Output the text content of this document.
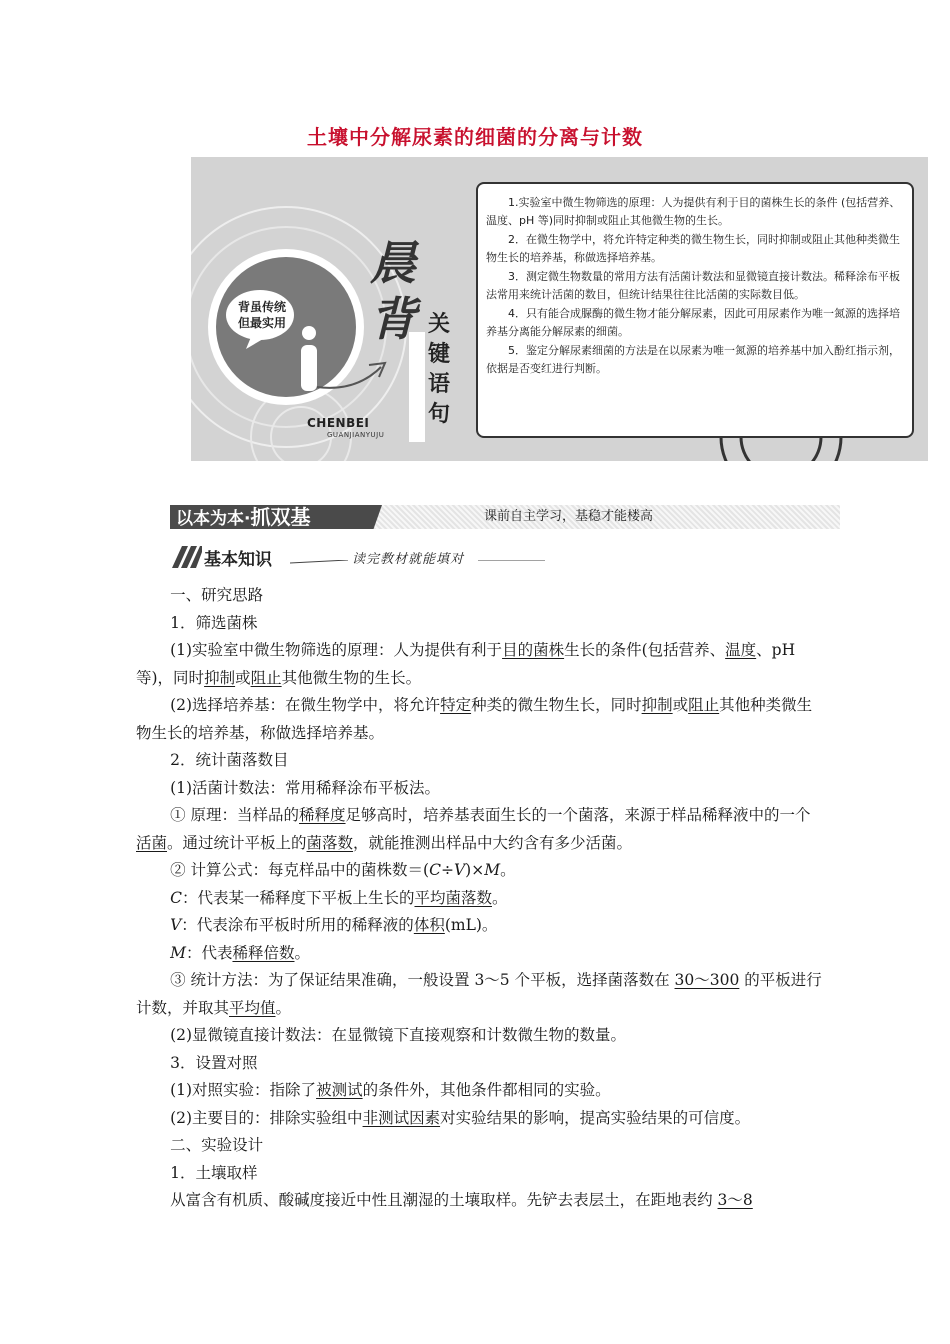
土壤中分解尿素的细菌的分离与计数
背虽传统
但最实用
晨
背 关
键
语
句
CHENBEI
GUANJIANYUJU

1.实验室中微生物筛选的原理：人为提供有利于目的菌株生长的条件 (包括营养、温度、pH 等)同时抑制或阻止其他微生物的生长。

2．在微生物学中，将允许特定种类的微生物生长，同时抑制或阻止其他种类微生物生长的培养基，称做选择培养基。

3．测定微生物数量的常用方法有活菌计数法和显微镜直接计数法。稀释涂布平板法常用来统计活菌的数目，但统计结果往往比活菌的实际数目低。

4．只有能合成脲酶的微生物才能分解尿素，因此可用尿素作为唯一氮源的选择培养基分离能分解尿素的细菌。

5．鉴定分解尿素细菌的方法是在以尿素为唯一氮源的培养基中加入酚红指示剂，依据是否变红进行判断。

以本为本·抓双基	课前自主学习，基稳才能楼高
基本知识	读完教材就能填对

一、研究思路

1．筛选菌株

(1)实验室中微生物筛选的原理：人为提供有利于目的菌株生长的条件(包括营养、温度、pH等)，同时抑制或阻止其他微生物的生长。

(2)选择培养基：在微生物学中，将允许特定种类的微生物生长，同时抑制或阻止其他种类微生物生长的培养基，称做选择培养基。

2．统计菌落数目

(1)活菌计数法：常用稀释涂布平板法。

① 原理：当样品的稀释度足够高时，培养基表面生长的一个菌落，来源于样品稀释液中的一个活菌。通过统计平板上的菌落数，就能推测出样品中大约含有多少活菌。

② 计算公式：每克样品中的菌株数＝(C÷V)×M。

C：代表某一稀释度下平板上生长的平均菌落数。

V：代表涂布平板时所用的稀释液的体积(mL)。

M：代表稀释倍数。

③ 统计方法：为了保证结果准确，一般设置 3～5 个平板，选择菌落数在 30～300 的平板进行计数，并取其平均值。

(2)显微镜直接计数法：在显微镜下直接观察和计数微生物的数量。

3．设置对照

(1)对照实验：指除了被测试的条件外，其他条件都相同的实验。

(2)主要目的：排除实验组中非测试因素对实验结果的影响，提高实验结果的可信度。

二、实验设计

1．土壤取样

从富含有机质、酸碱度接近中性且潮湿的土壤取样。先铲去表层土，在距地表约 3～8
